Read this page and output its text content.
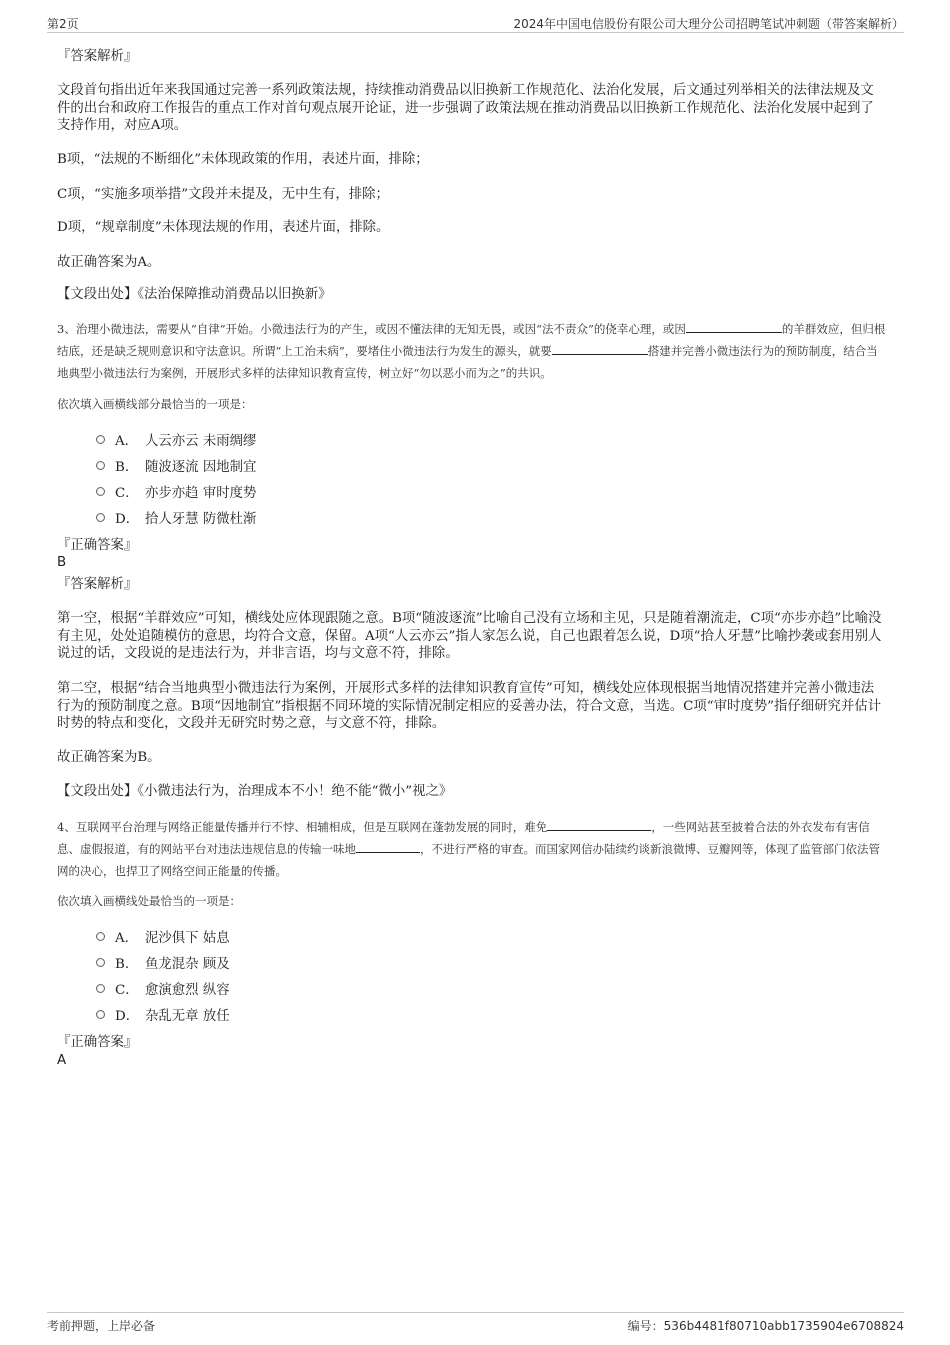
第2页	2024年中国电信股份有限公司大理分公司招聘笔试冲刺题（带答案解析）
『答案解析』

文段首句指出近年来我国通过完善一系列政策法规，持续推动消费品以旧换新工作规范化、法治化发展，后文通过列举相关的法律法规及文件的出台和政府工作报告的重点工作对首句观点展开论证，进一步强调了政策法规在推动消费品以旧换新工作规范化、法治化发展中起到了支持作用，对应A项。

B项，“法规的不断细化”未体现政策的作用，表述片面，排除；

C项，“实施多项举措”文段并未提及，无中生有，排除；

D项，“规章制度”未体现法规的作用，表述片面，排除。

故正确答案为A。

【文段出处】《法治保障推动消费品以旧换新》

3、治理小微违法，需要从“自律”开始。小微违法行为的产生，或因不懂法律的无知无畏，或因“法不责众”的侥幸心理，或因	的羊群效应，但归根结底，还是缺乏规则意识和守法意识。所谓“上工治未病”，要堵住小微违法行为发生的源头，就要	搭建并完善小微违法行为的预防制度，结合当地典型小微违法行为案例，开展形式多样的法律知识教育宣传，树立好“勿以恶小而为之”的共识。

依次填入画横线部分最恰当的一项是：

A． 人云亦云 未雨绸缪
B． 随波逐流 因地制宜
C． 亦步亦趋 审时度势
D． 拾人牙慧 防微杜渐
『正确答案』
B
『答案解析』

第一空，根据“羊群效应”可知，横线处应体现跟随之意。B项“随波逐流”比喻自己没有立场和主见，只是随着潮流走，C项“亦步亦趋”比喻没有主见，处处追随模仿的意思，均符合文意，保留。A项“人云亦云”指人家怎么说，自己也跟着怎么说，D项“拾人牙慧”比喻抄袭或套用别人说过的话，文段说的是违法行为，并非言语，均与文意不符，排除。

第二空，根据“结合当地典型小微违法行为案例，开展形式多样的法律知识教育宣传”可知，横线处应体现根据当地情况搭建并完善小微违法行为的预防制度之意。B项“因地制宜”指根据不同环境的实际情况制定相应的妥善办法，符合文意，当选。C项“审时度势”指仔细研究并估计时势的特点和变化，文段并无研究时势之意，与文意不符，排除。

故正确答案为B。

【文段出处】《小微违法行为，治理成本不小！绝不能“微小”视之》

4、互联网平台治理与网络正能量传播并行不悖、相辅相成，但是互联网在蓬勃发展的同时，难免	，一些网站甚至披着合法的外衣发布有害信息、虚假报道，有的网站平台对违法违规信息的传输一味地	，不进行严格的审查。而国家网信办陆续约谈新浪微博、豆瓣网等，体现了监管部门依法管网的决心，也捍卫了网络空间正能量的传播。

依次填入画横线处最恰当的一项是：

A． 泥沙俱下 姑息
B． 鱼龙混杂 顾及
C． 愈演愈烈 纵容
D． 杂乱无章 放任
『正确答案』
A
考前押题，上岸必备	编号：536b4481f80710abb1735904e6708824
